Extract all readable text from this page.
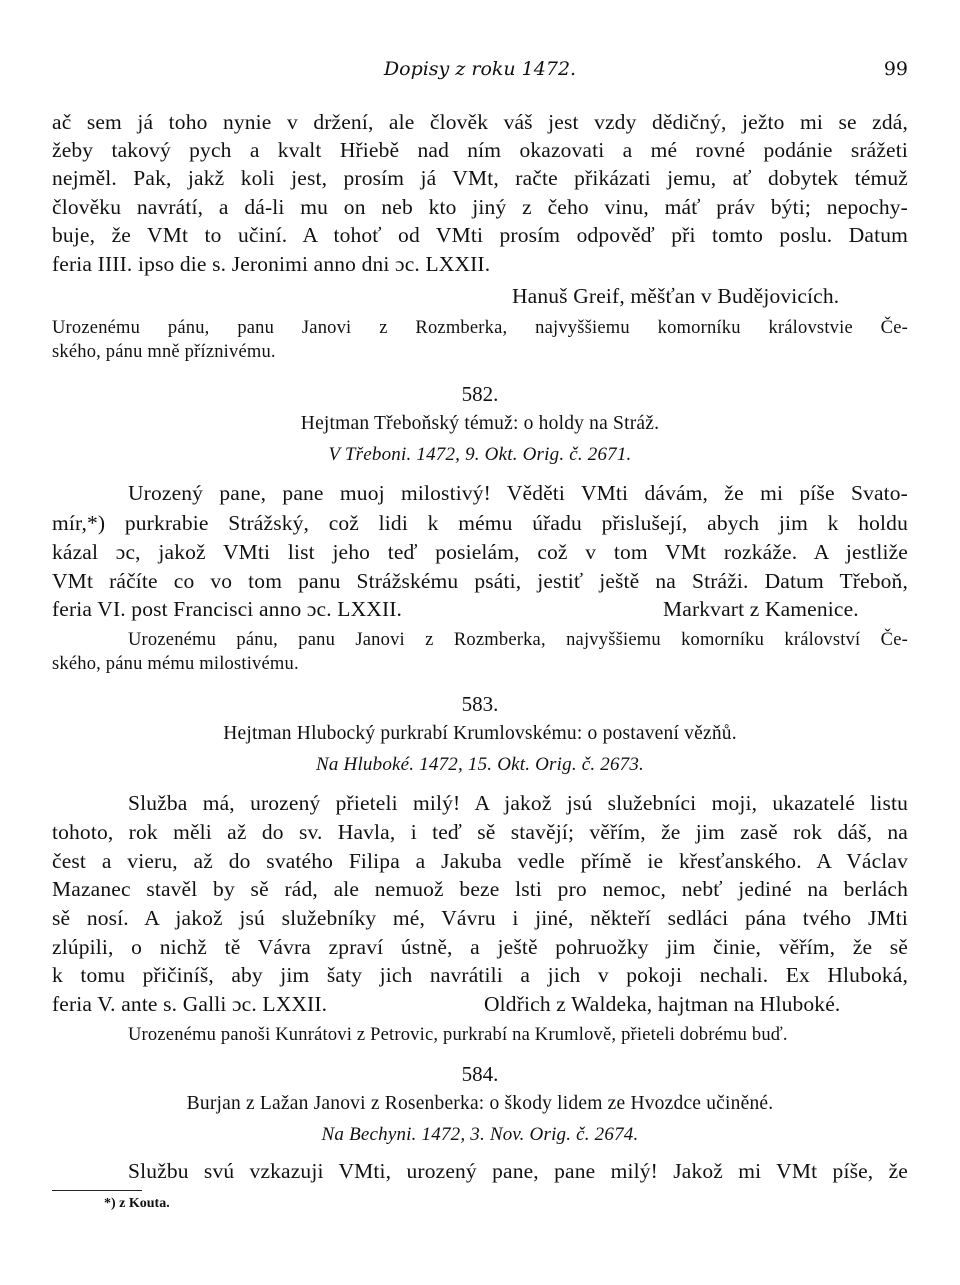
Dopisy z roku 1472.	99
ač sem já toho nynie v držení, ale člověk váš jest vzdy dědičný, ježto mi se zdá,
žeby takový pych a kvalt Hřiebě nad ním okazovati a mé rovné podánie srážeti
nejměl. Pak, jakž koli jest, prosím já VMt, račte přikázati jemu, ať dobytek témuž
člověku navrátí, a dá-li mu on neb kto jiný z čeho vinu, máť práv býti; nepochy-
buje, že VMt to učiní. A tohoť od VMti prosím odpověď při tomto poslu. Datum
feria IIII. ipso die s. Jeronimi anno dni ɔc. LXXII.
Hanuš Greif, měšťan v Budějovicích.
Urozenému pánu, panu Janovi z Rozmberka, najvyššiemu komorníku královstvie Če-
ského, pánu mně příznivému.
582.
Hejtman Třeboňský témuž: o holdy na Stráž.
V Třeboni. 1472, 9. Okt. Orig. č. 2671.
Urozený pane, pane muoj milostivý! Věděti VMti dávám, že mi píše Svato-
mír,*) purkrabie Strážský, což lidi k mému úřadu přislušejí, abych jim k holdu
kázal ɔc, jakož VMti list jeho teď posielám, což v tom VMt rozkáže. A jestliže
VMt ráčíte co vo tom panu Strážskému psáti, jestiť ještě na Stráži. Datum Třeboň,
feria VI. post Francisci anno ɔc. LXXII.	Markvart z Kamenice.
Urozenému pánu, panu Janovi z Rozmberka, najvyššiemu komorníku království Če-
ského, pánu mému milostivému.
583.
Hejtman Hlubocký purkrabí Krumlovskému: o postavení vězňů.
Na Hluboké. 1472, 15. Okt. Orig. č. 2673.
Služba má, urozený přieteli milý! A jakož jsú služebníci moji, ukazatelé listu
tohoto, rok měli až do sv. Havla, i teď sě stavějí; věřím, že jim zasě rok dáš, na
čest a vieru, až do svatého Filipa a Jakuba vedle přímě ie křesťanského. A Václav
Mazanec stavěl by sě rád, ale nemuož beze lsti pro nemoc, nebť jediné na berlách
sě nosí. A jakož jsú služebníky mé, Vávru i jiné, někteří sedláci pána tvého JMti
zlúpili, o nichž tě Vávra zpraví ústně, a ještě pohruožky jim činie, věřím, že sě
k tomu přičiníš, aby jim šaty jich navrátili a jich v pokoji nechali. Ex Hluboká,
feria V. ante s. Galli ɔc. LXXII.	Oldřich z Waldeka, hajtman na Hluboké.
Urozenému panoši Kunrátovi z Petrovic, purkrabí na Krumlově, přieteli dobrému buď.
584.
Burjan z Lažan Janovi z Rosenberka: o škody lidem ze Hvozdce učiněné.
Na Bechyni. 1472, 3. Nov. Orig. č. 2674.
Službu svú vzkazuji VMti, urozený pane, pane milý! Jakož mi VMt píše, že
*) z Kouta.
